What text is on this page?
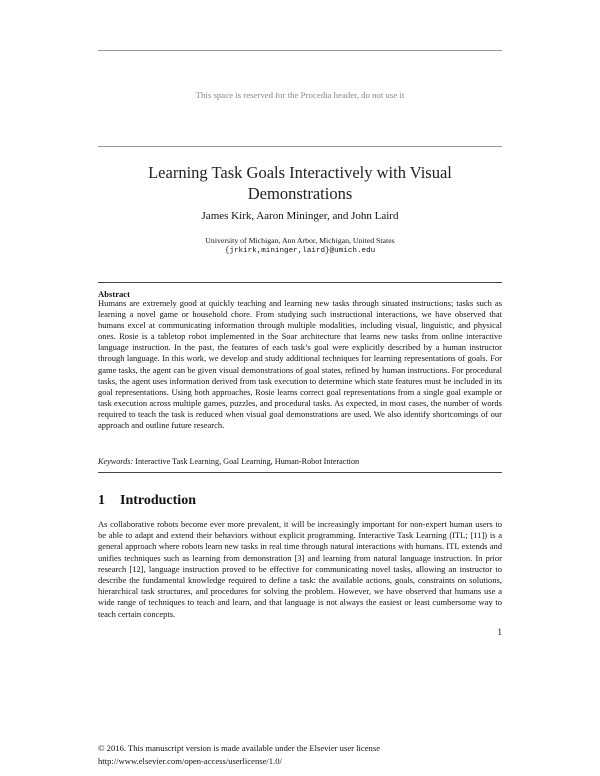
This space is reserved for the Procedia header, do not use it
Learning Task Goals Interactively with Visual Demonstrations
James Kirk, Aaron Mininger, and John Laird
University of Michigan, Ann Arbor, Michigan, United States
{jrkirk,mininger,laird}@umich.edu
Abstract

Humans are extremely good at quickly teaching and learning new tasks through situated instructions; tasks such as learning a novel game or household chore. From studying such instructional interactions, we have observed that humans excel at communicating information through multiple modalities, including visual, linguistic, and physical ones. Rosie is a tabletop robot implemented in the Soar architecture that learns new tasks from online interactive language instruction. In the past, the features of each task’s goal were explicitly described by a human instructor through language. In this work, we develop and study additional techniques for learning representations of goals. For game tasks, the agent can be given visual demonstrations of goal states, refined by human instructions. For procedural tasks, the agent uses information derived from task execution to determine which state features must be included in its goal representations. Using both approaches, Rosie learns correct goal representations from a single goal example or task execution across multiple games, puzzles, and procedural tasks. As expected, in most cases, the number of words required to teach the task is reduced when visual goal demonstrations are used. We also identify shortcomings of our approach and outline future research.

Keywords: Interactive Task Learning, Goal Learning, Human-Robot Interaction
1 Introduction

As collaborative robots become ever more prevalent, it will be increasingly important for non-expert human users to be able to adapt and extend their behaviors without explicit programming. Interactive Task Learning (ITL; [11]) is a general approach where robots learn new tasks in real time through natural interactions with humans. ITL extends and unifies techniques such as learning from demonstration [3] and learning from natural language instruction. In prior research [12], language instruction proved to be effective for communicating novel tasks, allowing an instructor to describe the fundamental knowledge required to define a task: the available actions, goals, constraints on solutions, hierarchical task structures, and procedures for solving the problem. However, we have observed that humans use a wide range of techniques to teach and learn, and that language is not always the easiest or least cumbersome way to teach certain concepts.

1
© 2016. This manuscript version is made available under the Elsevier user license
http://www.elsevier.com/open-access/userlicense/1.0/
